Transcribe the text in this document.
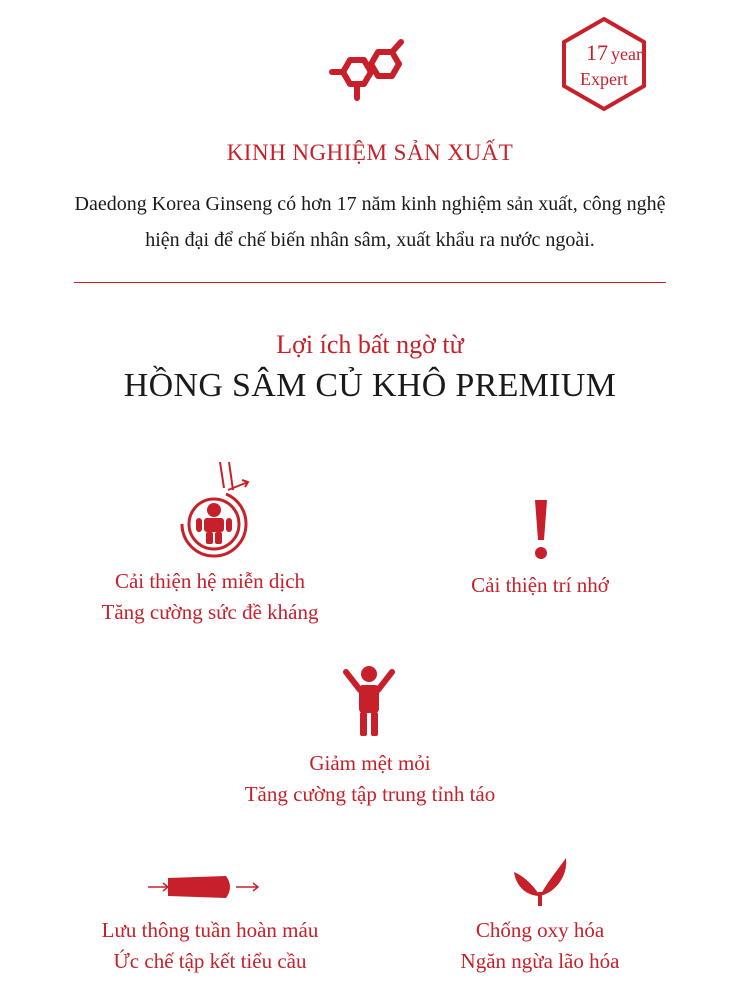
17 year
Expert
KINH NGHIỆM SẢN XUẤT
Daedong Korea Ginseng có hơn 17 năm kinh nghiệm sản xuất, công nghệ
hiện đại để chế biến nhân sâm, xuất khẩu ra nước ngoài.
Lợi ích bất ngờ từ
HỒNG SÂM CỦ KHÔ PREMIUM
Cải thiện hệ miễn dịch
Tăng cường sức đề kháng
Cải thiện trí nhớ
Giảm mệt mỏi
Tăng cường tập trung tỉnh táo
Lưu thông tuần hoàn máu
Ức chế tập kết tiểu cầu
Chống oxy hóa
Ngăn ngừa lão hóa
